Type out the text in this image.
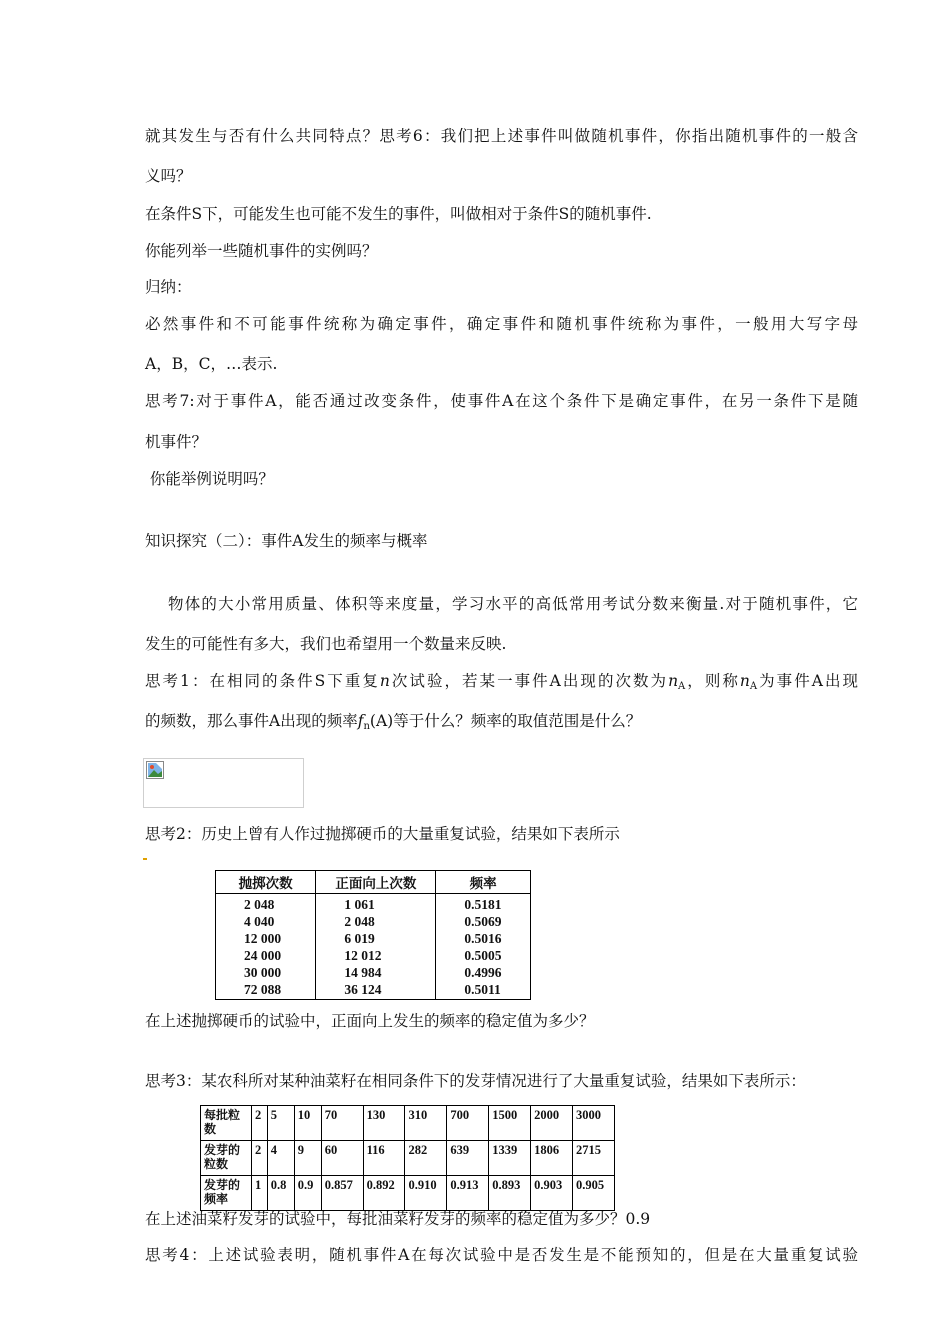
就其发生与否有什么共同特点？思考6：我们把上述事件叫做随机事件，你指出随机事件的一般含
义吗？
在条件S下，可能发生也可能不发生的事件，叫做相对于条件S的随机事件.
你能列举一些随机事件的实例吗？
归纳：
必然事件和不可能事件统称为确定事件，确定事件和随机事件统称为事件，一般用大写字母
A，B，C，…表示.
思考7:对于事件A，能否通过改变条件，使事件A在这个条件下是确定事件，在另一条件下是随
机事件？
你能举例说明吗？
知识探究（二）：事件A发生的频率与概率
物体的大小常用质量、体积等来度量，学习水平的高低常用考试分数来衡量.对于随机事件，它
发生的可能性有多大，我们也希望用一个数量来反映.
思考1：在相同的条件S下重复n次试验，若某一事件A出现的次数为$n_A$，则称$n_A$为事件A出现
的频数，那么事件A出现的频率$f_n(A)$等于什么？频率的取值范围是什么？
思考2：历史上曾有人作过抛掷硬币的大量重复试验，结果如下表所示
抛掷次数	正面向上次数	频率
2 048	1 061	0.5181
4 040	2 048	0.5069
12 000	6 019	0.5016
24 000	12 012	0.5005
30 000	14 984	0.4996
72 088	36 124	0.5011
在上述抛掷硬币的试验中，正面向上发生的频率的稳定值为多少？
思考3：某农科所对某种油菜籽在相同条件下的发芽情况进行了大量重复试验，结果如下表所示：
每批粒数	2	5	10	70	130	310	700	1500	2000	3000
发芽的粒数	2	4	9	60	116	282	639	1339	1806	2715
发芽的频率	1	0.8	0.9	0.857	0.892	0.910	0.913	0.893	0.903	0.905
在上述油菜籽发芽的试验中，每批油菜籽发芽的频率的稳定值为多少？0.9
思考4：上述试验表明，随机事件A在每次试验中是否发生是不能预知的，但是在大量重复试验
